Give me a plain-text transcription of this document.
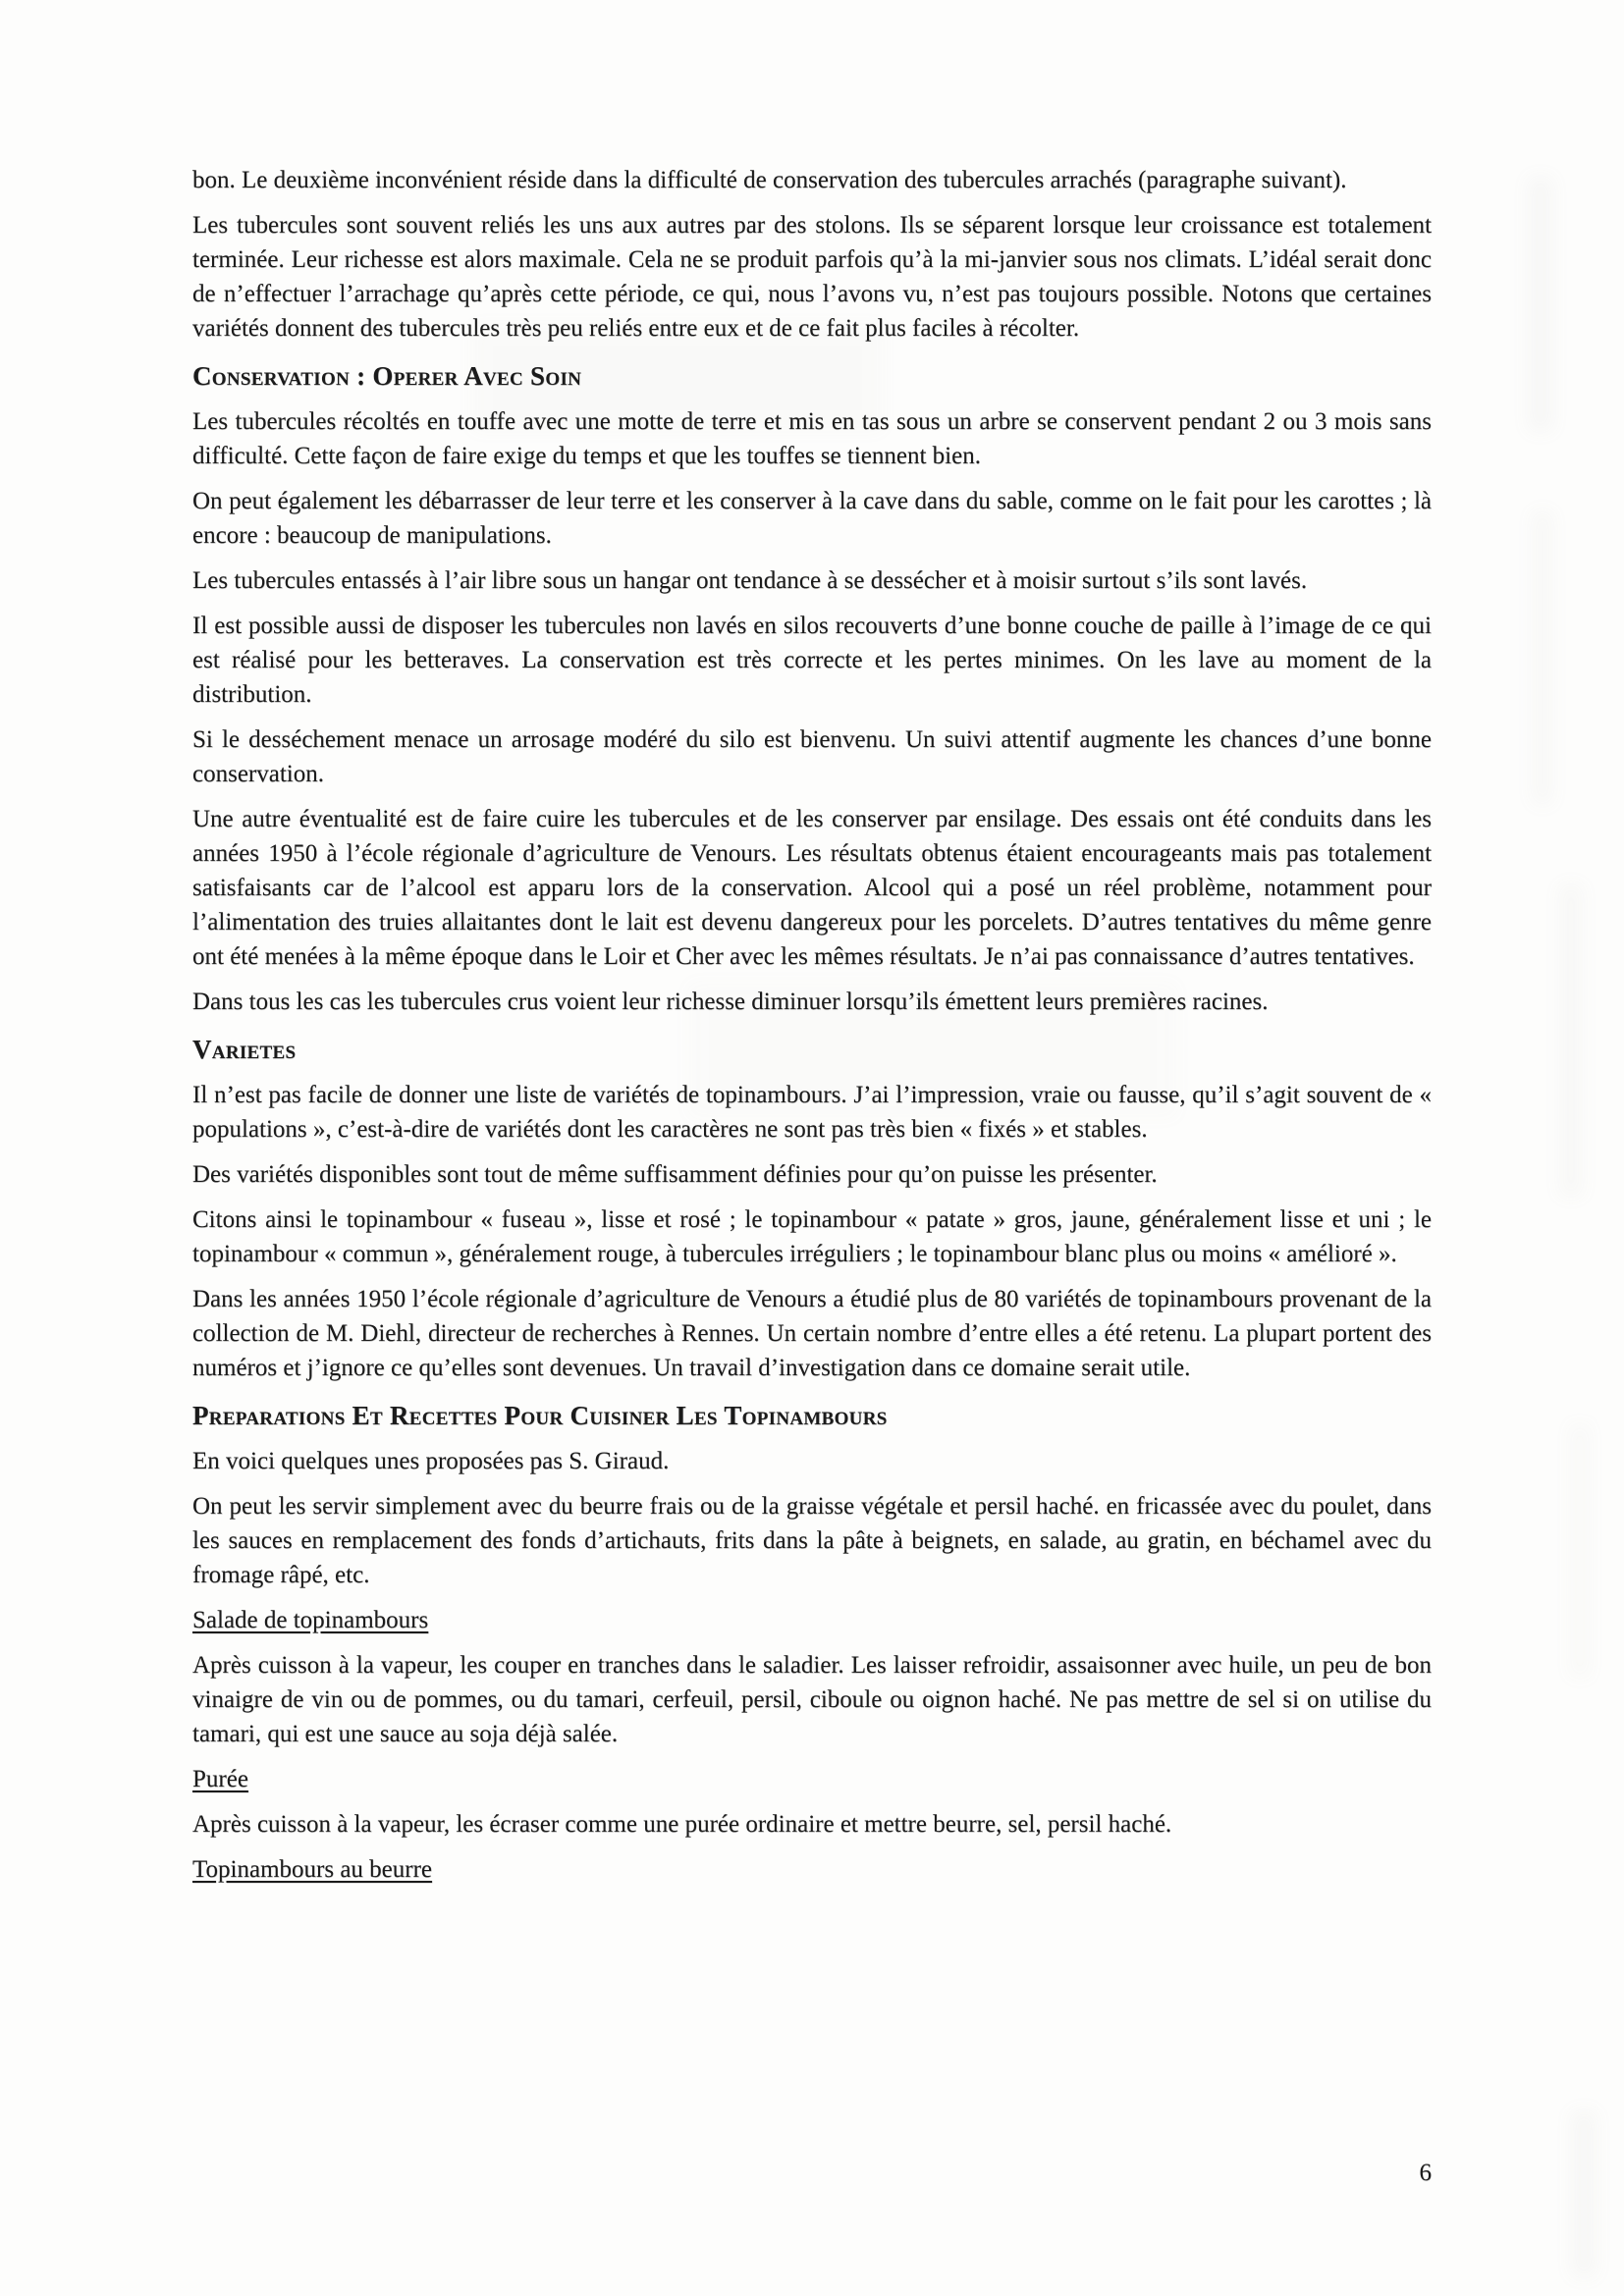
bon. Le deuxième inconvénient réside dans la difficulté de conservation des tubercules arrachés (paragraphe suivant).

Les tubercules sont souvent reliés les uns aux autres par des stolons. Ils se séparent lorsque leur croissance est totalement terminée. Leur richesse est alors maximale. Cela ne se produit parfois qu’à la mi-janvier sous nos climats. L’idéal serait donc de n’effectuer l’arrachage qu’après cette période, ce qui, nous l’avons vu, n’est pas toujours possible. Notons que certaines variétés donnent des tubercules très peu reliés entre eux et de ce fait plus faciles à récolter.

Conservation : Operer Avec Soin

Les tubercules récoltés en touffe avec une motte de terre et mis en tas sous un arbre se conservent pendant 2 ou 3 mois sans difficulté. Cette façon de faire exige du temps et que les touffes se tiennent bien.

On peut également les débarrasser de leur terre et les conserver à la cave dans du sable, comme on le fait pour les carottes ; là encore : beaucoup de manipulations.

Les tubercules entassés à l’air libre sous un hangar ont tendance à se dessécher et à moisir surtout s’ils sont lavés.

Il est possible aussi de disposer les tubercules non lavés en silos recouverts d’une bonne couche de paille à l’image de ce qui est réalisé pour les betteraves. La conservation est très correcte et les pertes minimes. On les lave au moment de la distribution.

Si le desséchement menace un arrosage modéré du silo est bienvenu. Un suivi attentif augmente les chances d’une bonne conservation.

Une autre éventualité est de faire cuire les tubercules et de les conserver par ensilage. Des essais ont été conduits dans les années 1950 à l’école régionale d’agriculture de Venours. Les résultats obtenus étaient encourageants mais pas totalement satisfaisants car de l’alcool est apparu lors de la conservation. Alcool qui a posé un réel problème, notamment pour l’alimentation des truies allaitantes dont le lait est devenu dangereux pour les porcelets. D’autres tentatives du même genre ont été menées à la même époque dans le Loir et Cher avec les mêmes résultats. Je n’ai pas connaissance d’autres tentatives.

Dans tous les cas les tubercules crus voient leur richesse diminuer lorsqu’ils émettent leurs premières racines.

Varietes

Il n’est pas facile de donner une liste de variétés de topinambours. J’ai l’impression, vraie ou fausse, qu’il s’agit souvent de « populations », c’est-à-dire de variétés dont les caractères ne sont pas très bien « fixés » et stables.

Des variétés disponibles sont tout de même suffisamment définies pour qu’on puisse les présenter.

Citons ainsi le topinambour « fuseau », lisse et rosé ; le topinambour « patate » gros, jaune, généralement lisse et uni ; le topinambour « commun », généralement rouge, à tubercules irréguliers ; le topinambour blanc plus ou moins « amélioré ».

Dans les années 1950 l’école régionale d’agriculture de Venours a étudié plus de 80 variétés de topinambours provenant de la collection de M. Diehl, directeur de recherches à Rennes. Un certain nombre d’entre elles a été retenu. La plupart portent des numéros et j’ignore ce qu’elles sont devenues. Un travail d’investigation dans ce domaine serait utile.

Preparations Et Recettes Pour Cuisiner Les Topinambours

En voici quelques unes proposées pas S. Giraud.

On peut les servir simplement avec du beurre frais ou de la graisse végétale et persil haché. en fricassée avec du poulet, dans les sauces en remplacement des fonds d’artichauts, frits dans la pâte à beignets, en salade, au gratin, en béchamel avec du fromage râpé, etc.

Salade de topinambours

Après cuisson à la vapeur, les couper en tranches dans le saladier. Les laisser refroidir, assaisonner avec huile, un peu de bon vinaigre de vin ou de pommes, ou du tamari, cerfeuil, persil, ciboule ou oignon haché. Ne pas mettre de sel si on utilise du tamari, qui est une sauce au soja déjà salée.

Purée

Après cuisson à la vapeur, les écraser comme une purée ordinaire et mettre beurre, sel, persil haché.

Topinambours au beurre
6
